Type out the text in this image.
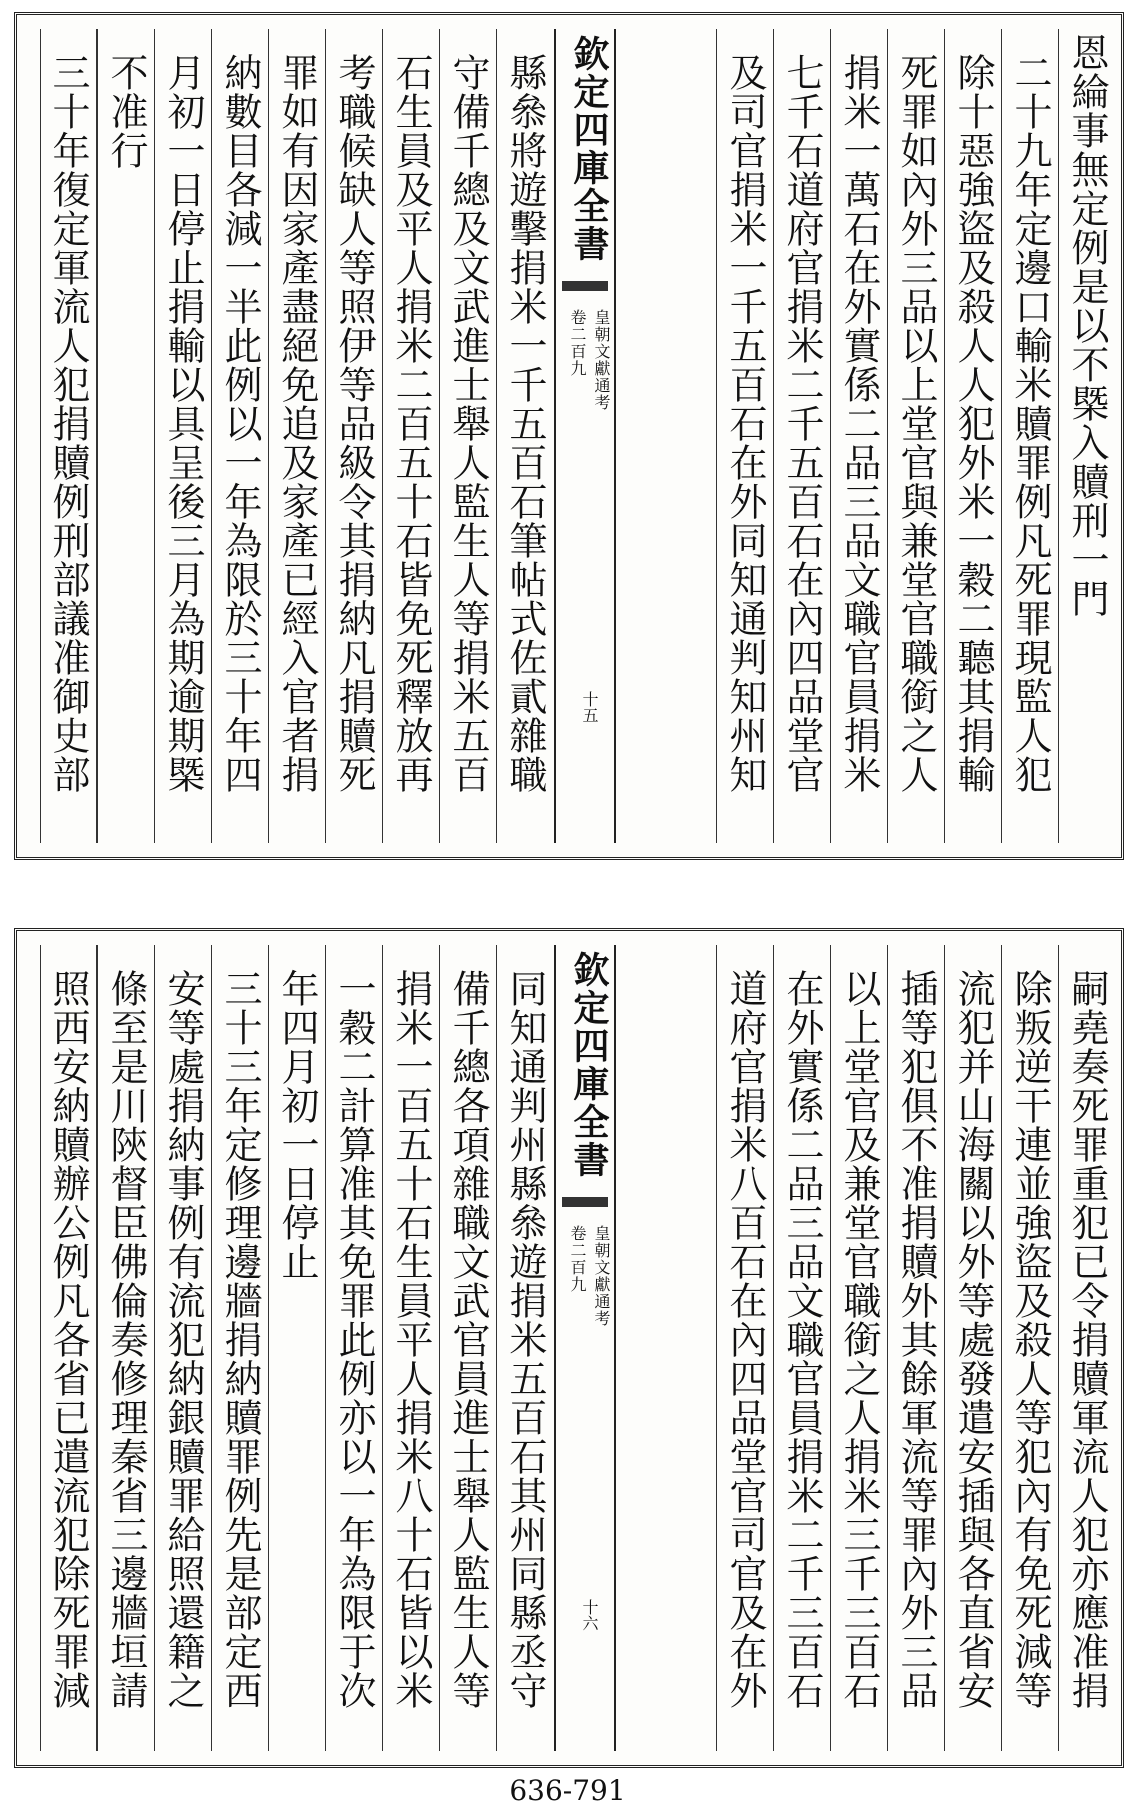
恩綸事無定例是以不槩入贖刑一門
二十九年定邊口輸米贖罪例凡死罪現監人犯
除十惡強盜及殺人人犯外米一穀二聽其捐輸
死罪如內外三品以上堂官與兼堂官職銜之人
捐米一萬石在外實係二品三品文職官員捐米
七千石道府官捐米二千五百石在內四品堂官
及司官捐米一千五百石在外同知通判知州知
欽定四庫全書
皇朝文獻通考
卷二百九
十五
縣叅將遊擊捐米一千五百石筆帖式佐貳雜職
守備千總及文武進士舉人監生人等捐米五百
石生員及平人捐米二百五十石皆免死釋放再
考職候缺人等照伊等品級令其捐納凡捐贖死
罪如有因家產盡絕免追及家產已經入官者捐
納數目各減一半此例以一年為限於三十年四
月初一日停止捐輸以具呈後三月為期逾期槩
不准行
三十年復定軍流人犯捐贖例刑部議准御史部
嗣堯奏死罪重犯已令捐贖軍流人犯亦應准捐
除叛逆干連並強盜及殺人等犯內有免死減等
流犯并山海關以外等處發遣安插與各直省安
插等犯俱不准捐贖外其餘軍流等罪內外三品
以上堂官及兼堂官職銜之人捐米三千三百石
在外實係二品三品文職官員捐米二千三百石
道府官捐米八百石在內四品堂官司官及在外
欽定四庫全書
皇朝文獻通考
卷二百九
十六
同知通判州縣叅遊捐米五百石其州同縣丞守
備千總各項雜職文武官員進士舉人監生人等
捐米一百五十石生員平人捐米八十石皆以米
一穀二計算准其免罪此例亦以一年為限于次
年四月初一日停止
三十三年定修理邊牆捐納贖罪例先是部定西
安等處捐納事例有流犯納銀贖罪給照還籍之
條至是川陝督臣佛倫奏修理秦省三邊牆垣請
照西安納贖辦公例凡各省已遣流犯除死罪減
636-791
